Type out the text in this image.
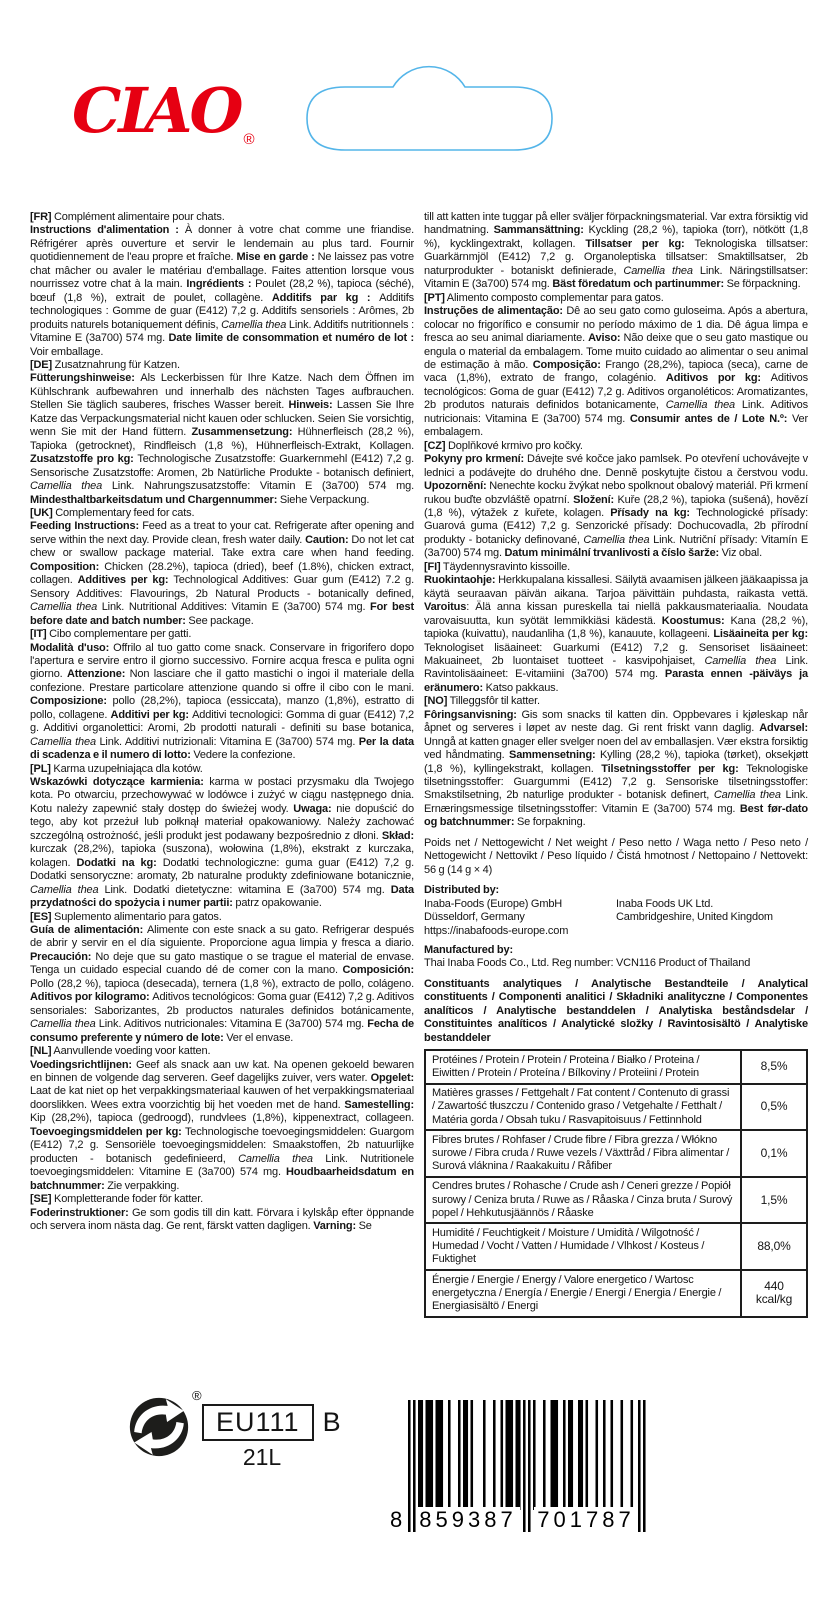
CIAO ®

[FR] Complément alimentaire pour chats.

Instructions d'alimentation : À donner à votre chat comme une friandise. Réfrigérer après ouverture et servir le lendemain au plus tard. Fournir quotidiennement de l'eau propre et fraîche. Mise en garde : Ne laissez pas votre chat mâcher ou avaler le matériau d'emballage. Faites attention lorsque vous nourrissez votre chat à la main. Ingrédients : Poulet (28,2 %), tapioca (séché), bœuf (1,8 %), extrait de poulet, collagène. Additifs par kg : Additifs technologiques : Gomme de guar (E412) 7,2 g. Additifs sensoriels : Arômes, 2b produits naturels botaniquement définis, Camellia thea Link. Additifs nutritionnels : Vitamine E (3a700) 574 mg. Date limite de consommation et numéro de lot : Voir emballage.

[DE] Zusatznahrung für Katzen.

Fütterungshinweise: Als Leckerbissen für Ihre Katze. Nach dem Öffnen im Kühlschrank aufbewahren und innerhalb des nächsten Tages aufbrauchen. Stellen Sie täglich sauberes, frisches Wasser bereit. Hinweis: Lassen Sie Ihre Katze das Verpackungsmaterial nicht kauen oder schlucken. Seien Sie vorsichtig, wenn Sie mit der Hand füttern. Zusammensetzung: Hühnerfleisch (28,2 %), Tapioka (getrocknet), Rindfleisch (1,8 %), Hühnerfleisch-Extrakt, Kollagen. Zusatzstoffe pro kg: Technologische Zusatzstoffe: Guarkernmehl (E412) 7,2 g. Sensorische Zusatzstoffe: Aromen, 2b Natürliche Produkte - botanisch definiert, Camellia thea Link. Nahrungszusatzstoffe: Vitamin E (3a700) 574 mg. Mindesthaltbarkeitsdatum und Chargennummer: Siehe Verpackung.

[UK] Complementary feed for cats.

Feeding Instructions: Feed as a treat to your cat. Refrigerate after opening and serve within the next day. Provide clean, fresh water daily. Caution: Do not let cat chew or swallow package material. Take extra care when hand feeding. Composition: Chicken (28.2%), tapioca (dried), beef (1.8%), chicken extract, collagen. Additives per kg: Technological Additives: Guar gum (E412) 7.2 g. Sensory Additives: Flavourings, 2b Natural Products - botanically defined, Camellia thea Link. Nutritional Additives: Vitamin E (3a700) 574 mg. For best before date and batch number: See package.

[IT] Cibo complementare per gatti.

Modalità d'uso: Offrilo al tuo gatto come snack. Conservare in frigorifero dopo l'apertura e servire entro il giorno successivo. Fornire acqua fresca e pulita ogni giorno. Attenzione: Non lasciare che il gatto mastichi o ingoi il materiale della confezione. Prestare particolare attenzione quando si offre il cibo con le mani. Composizione: pollo (28,2%), tapioca (essiccata), manzo (1,8%), estratto di pollo, collagene. Additivi per kg: Additivi tecnologici: Gomma di guar (E412) 7,2 g. Additivi organolettici: Aromi, 2b prodotti naturali - definiti su base botanica, Camellia thea Link. Additivi nutrizionali: Vitamina E (3a700) 574 mg. Per la data di scadenza e il numero di lotto: Vedere la confezione.

[PL] Karma uzupełniająca dla kotów.

Wskazówki dotyczące karmienia: karma w postaci przysmaku dla Twojego kota. Po otwarciu, przechowywać w lodówce i zużyć w ciągu następnego dnia. Kotu należy zapewnić stały dostęp do świeżej wody. Uwaga: nie dopuścić do tego, aby kot przeżuł lub połknął materiał opakowaniowy. Należy zachować szczególną ostrożność, jeśli produkt jest podawany bezpośrednio z dłoni. Skład: kurczak (28,2%), tapioka (suszona), wołowina (1,8%), ekstrakt z kurczaka, kolagen. Dodatki na kg: Dodatki technologiczne: guma guar (E412) 7,2 g. Dodatki sensoryczne: aromaty, 2b naturalne produkty zdefiniowane botanicznie, Camellia thea Link. Dodatki dietetyczne: witamina E (3a700) 574 mg. Data przydatności do spożycia i numer partii: patrz opakowanie.

[ES] Suplemento alimentario para gatos.

Guía de alimentación: Alimente con este snack a su gato. Refrigerar después de abrir y servir en el día siguiente. Proporcione agua limpia y fresca a diario. Precaución: No deje que su gato mastique o se trague el material de envase. Tenga un cuidado especial cuando dé de comer con la mano. Composición: Pollo (28,2 %), tapioca (desecada), ternera (1,8 %), extracto de pollo, colágeno. Aditivos por kilogramo: Aditivos tecnológicos: Goma guar (E412) 7,2 g. Aditivos sensoriales: Saborizantes, 2b productos naturales definidos botánicamente, Camellia thea Link. Aditivos nutricionales: Vitamina E (3a700) 574 mg. Fecha de consumo preferente y número de lote: Ver el envase.

[NL] Aanvullende voeding voor katten.

Voedingsrichtlijnen: Geef als snack aan uw kat. Na openen gekoeld bewaren en binnen de volgende dag serveren. Geef dagelijks zuiver, vers water. Opgelet: Laat de kat niet op het verpakkingsmateriaal kauwen of het verpakkingsmateriaal doorslikken. Wees extra voorzichtig bij het voeden met de hand. Samestelling: Kip (28,2%), tapioca (gedroogd), rundvlees (1,8%), kippenextract, collageen. Toevoegingsmiddelen per kg: Technologische toevoegingsmiddelen: Guargom (E412) 7,2 g. Sensoriële toevoegingsmiddelen: Smaakstoffen, 2b natuurlijke producten - botanisch gedefinieerd, Camellia thea Link. Nutritionele toevoegingsmiddelen: Vitamine E (3a700) 574 mg. Houdbaarheidsdatum en batchnummer: Zie verpakking.

[SE] Kompletterande foder för katter.

Foderinstruktioner: Ge som godis till din katt. Förvara i kylskåp efter öppnande och servera inom nästa dag. Ge rent, färskt vatten dagligen. Varning: Se

till att katten inte tuggar på eller sväljer förpackningsmaterial. Var extra försiktig vid handmatning. Sammansättning: Kyckling (28,2 %), tapioka (torr), nötkött (1,8 %), kycklingextrakt, kollagen. Tillsatser per kg: Teknologiska tillsatser: Guarkärnmjöl (E412) 7,2 g. Organoleptiska tillsatser: Smaktillsatser, 2b naturprodukter - botaniskt definierade, Camellia thea Link. Näringstillsatser: Vitamin E (3a700) 574 mg. Bäst föredatum och partinummer: Se förpackning.

[PT] Alimento composto complementar para gatos.

Instruções de alimentação: Dê ao seu gato como guloseima. Após a abertura, colocar no frigorífico e consumir no período máximo de 1 dia. Dê água limpa e fresca ao seu animal diariamente. Aviso: Não deixe que o seu gato mastique ou engula o material da embalagem. Tome muito cuidado ao alimentar o seu animal de estimação à mão. Composição: Frango (28,2%), tapioca (seca), carne de vaca (1,8%), extrato de frango, colagénio. Aditivos por kg: Aditivos tecnológicos: Goma de guar (E412) 7,2 g. Aditivos organoléticos: Aromatizantes, 2b produtos naturais definidos botanicamente, Camellia thea Link. Aditivos nutricionais: Vitamina E (3a700) 574 mg. Consumir antes de / Lote N.º: Ver embalagem.

[CZ] Doplňkové krmivo pro kočky.

Pokyny pro krmení: Dávejte své kočce jako pamlsek. Po otevření uchovávejte v lednici a podávejte do druhého dne. Denně poskytujte čistou a čerstvou vodu. Upozornění: Nenechte kocku žvýkat nebo spolknout obalový materiál. Při krmení rukou buďte obzvláště opatrní. Složení: Kuře (28,2 %), tapioka (sušená), hovězí (1,8 %), výtažek z kuřete, kolagen. Přísady na kg: Technologické přísady: Guarová guma (E412) 7,2 g. Senzorické přísady: Dochucovadla, 2b přírodní produkty - botanicky definované, Camellia thea Link. Nutriční přísady: Vitamín E (3a700) 574 mg. Datum minimální trvanlivosti a číslo šarže: Viz obal.

[FI] Täydennysravinto kissoille.

Ruokintaohje: Herkkupalana kissallesi. Säilytä avaamisen jälkeen jääkaapissa ja käytä seuraavan päivän aikana. Tarjoa päivittäin puhdasta, raikasta vettä. Varoitus: Älä anna kissan pureskella tai niellä pakkausmateriaalia. Noudata varovaisuutta, kun syötät lemmikkiäsi kädestä. Koostumus: Kana (28,2 %), tapioka (kuivattu), naudanliha (1,8 %), kanauute, kollageeni. Lisäaineita per kg: Teknologiset lisäaineet: Guarkumi (E412) 7,2 g. Sensoriset lisäaineet: Makuaineet, 2b luontaiset tuotteet - kasvipohjaiset, Camellia thea Link. Ravintolisäaineet: E-vitamiini (3a700) 574 mg. Parasta ennen -päiväys ja eränumero: Katso pakkaus.

[NO] Tilleggsfôr til katter.

Fôringsanvisning: Gis som snacks til katten din. Oppbevares i kjøleskap når åpnet og serveres i løpet av neste dag. Gi rent friskt vann daglig. Advarsel: Unngå at katten gnager eller svelger noen del av emballasjen. Vær ekstra forsiktig ved håndmating. Sammensetning: Kylling (28,2 %), tapioka (tørket), oksekjøtt (1,8 %), kyllingekstrakt, kollagen. Tilsetningsstoffer per kg: Teknologiske tilsetningsstoffer: Guargummi (E412) 7,2 g. Sensoriske tilsetningsstoffer: Smakstilsetning, 2b naturlige produkter - botanisk definert, Camellia thea Link. Ernæringsmessige tilsetningsstoffer: Vitamin E (3a700) 574 mg. Best før-dato og batchnummer: Se forpakning.

Poids net / Nettogewicht / Net weight / Peso netto / Waga netto / Peso neto / Nettogewicht / Nettovikt / Peso líquido / Čistá hmotnost / Nettopaino / Nettovekt: 56 g (14 g × 4)

Distributed by:

Inaba-Foods (Europe) GmbH

Düsseldorf, Germany

Inaba Foods UK Ltd.

Cambridgeshire, United Kingdom

https://inabafoods-europe.com

Manufactured by:

Thai Inaba Foods Co., Ltd. Reg number: VCN116 Product of Thailand

Constituants analytiques / Analytische Bestandteile / Analytical constituents / Componenti analitici / Składniki analityczne / Componentes analíticos / Analytische bestanddelen / Analytiska beståndsdelar / Constituintes analíticos / Analytické složky / Ravintosisältö / Analytiske bestanddeler

Protéines / Protein / Protein / Proteina / Białko / Proteina / Eiwitten / Protein / Proteína / Bílkoviny / Proteiini / Protein	8,5%
Matières grasses / Fettgehalt / Fat content / Contenuto di grassi / Zawartość tłuszczu / Contenido graso / Vetgehalte / Fetthalt / Matéria gorda / Obsah tuku / Rasvapitoisuus / Fettinnhold	0,5%
Fibres brutes / Rohfaser / Crude fibre / Fibra grezza / Włókno surowe / Fibra cruda / Ruwe vezels / Växttråd / Fibra alimentar / Surová vláknina / Raakakuitu / Råfiber	0,1%
Cendres brutes / Rohasche / Crude ash / Ceneri grezze / Popiół surowy / Ceniza bruta / Ruwe as / Råaska / Cinza bruta / Surový popel / Hehkutusjäännös / Råaske	1,5%
Humidité / Feuchtigkeit / Moisture / Umidità / Wilgotność / Humedad / Vocht / Vatten / Humidade / Vlhkost / Kosteus / Fuktighet	88,0%
Énergie / Energie / Energy / Valore energetico / Wartosc energetyczna / Energía / Energie / Energi / Energia / Energie / Energiasisältö / Energi	440 kcal/kg
®
EU111 B
21L
8 859387 701787
